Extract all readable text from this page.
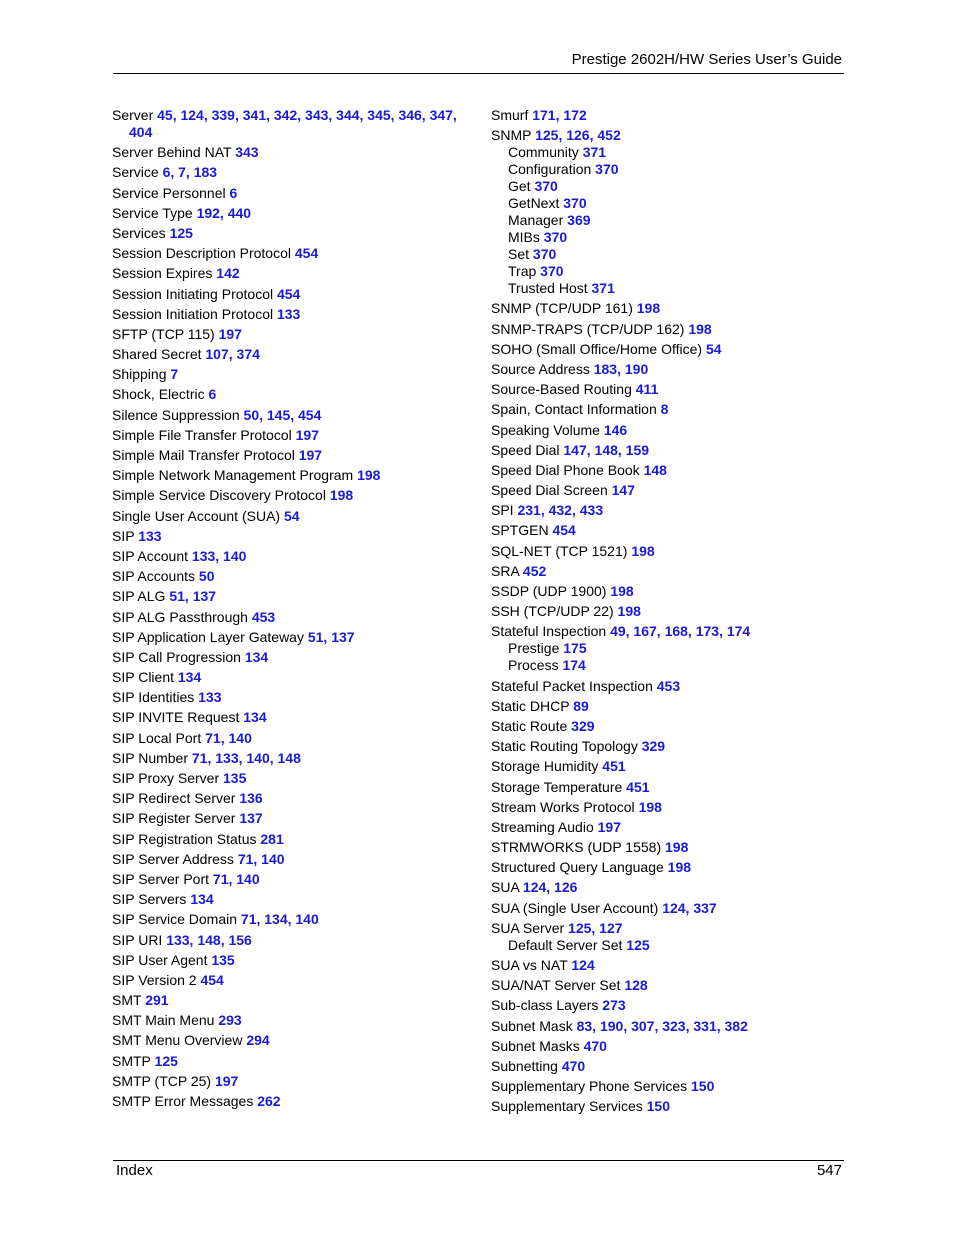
Prestige 2602H/HW Series User’s Guide
Server 45, 124, 339, 341, 342, 343, 344, 345, 346, 347, 404
Server Behind NAT 343
Service 6, 7, 183
Service Personnel 6
Service Type 192, 440
Services 125
Session Description Protocol 454
Session Expires 142
Session Initiating Protocol 454
Session Initiation Protocol 133
SFTP (TCP 115) 197
Shared Secret 107, 374
Shipping 7
Shock, Electric 6
Silence Suppression 50, 145, 454
Simple File Transfer Protocol 197
Simple Mail Transfer Protocol 197
Simple Network Management Program 198
Simple Service Discovery Protocol 198
Single User Account (SUA) 54
SIP 133
SIP Account 133, 140
SIP Accounts 50
SIP ALG 51, 137
SIP ALG Passthrough 453
SIP Application Layer Gateway 51, 137
SIP Call Progression 134
SIP Client 134
SIP Identities 133
SIP INVITE Request 134
SIP Local Port 71, 140
SIP Number 71, 133, 140, 148
SIP Proxy Server 135
SIP Redirect Server 136
SIP Register Server 137
SIP Registration Status 281
SIP Server Address 71, 140
SIP Server Port 71, 140
SIP Servers 134
SIP Service Domain 71, 134, 140
SIP URI 133, 148, 156
SIP User Agent 135
SIP Version 2 454
SMT 291
SMT Main Menu 293
SMT Menu Overview 294
SMTP 125
SMTP (TCP 25) 197
SMTP Error Messages 262
Smurf 171, 172
SNMP 125, 126, 452
Community 371
Configuration 370
Get 370
GetNext 370
Manager 369
MIBs 370
Set 370
Trap 370
Trusted Host 371
SNMP (TCP/UDP 161) 198
SNMP-TRAPS (TCP/UDP 162) 198
SOHO (Small Office/Home Office) 54
Source Address 183, 190
Source-Based Routing 411
Spain, Contact Information 8
Speaking Volume 146
Speed Dial 147, 148, 159
Speed Dial Phone Book 148
Speed Dial Screen 147
SPI 231, 432, 433
SPTGEN 454
SQL-NET (TCP 1521) 198
SRA 452
SSDP (UDP 1900) 198
SSH (TCP/UDP 22) 198
Stateful Inspection 49, 167, 168, 173, 174
Prestige 175
Process 174
Stateful Packet Inspection 453
Static DHCP 89
Static Route 329
Static Routing Topology 329
Storage Humidity 451
Storage Temperature 451
Stream Works Protocol 198
Streaming Audio 197
STRMWORKS (UDP 1558) 198
Structured Query Language 198
SUA 124, 126
SUA (Single User Account) 124, 337
SUA Server 125, 127
Default Server Set 125
SUA vs NAT 124
SUA/NAT Server Set 128
Sub-class Layers 273
Subnet Mask 83, 190, 307, 323, 331, 382
Subnet Masks 470
Subnetting 470
Supplementary Phone Services 150
Supplementary Services 150
Index	547
